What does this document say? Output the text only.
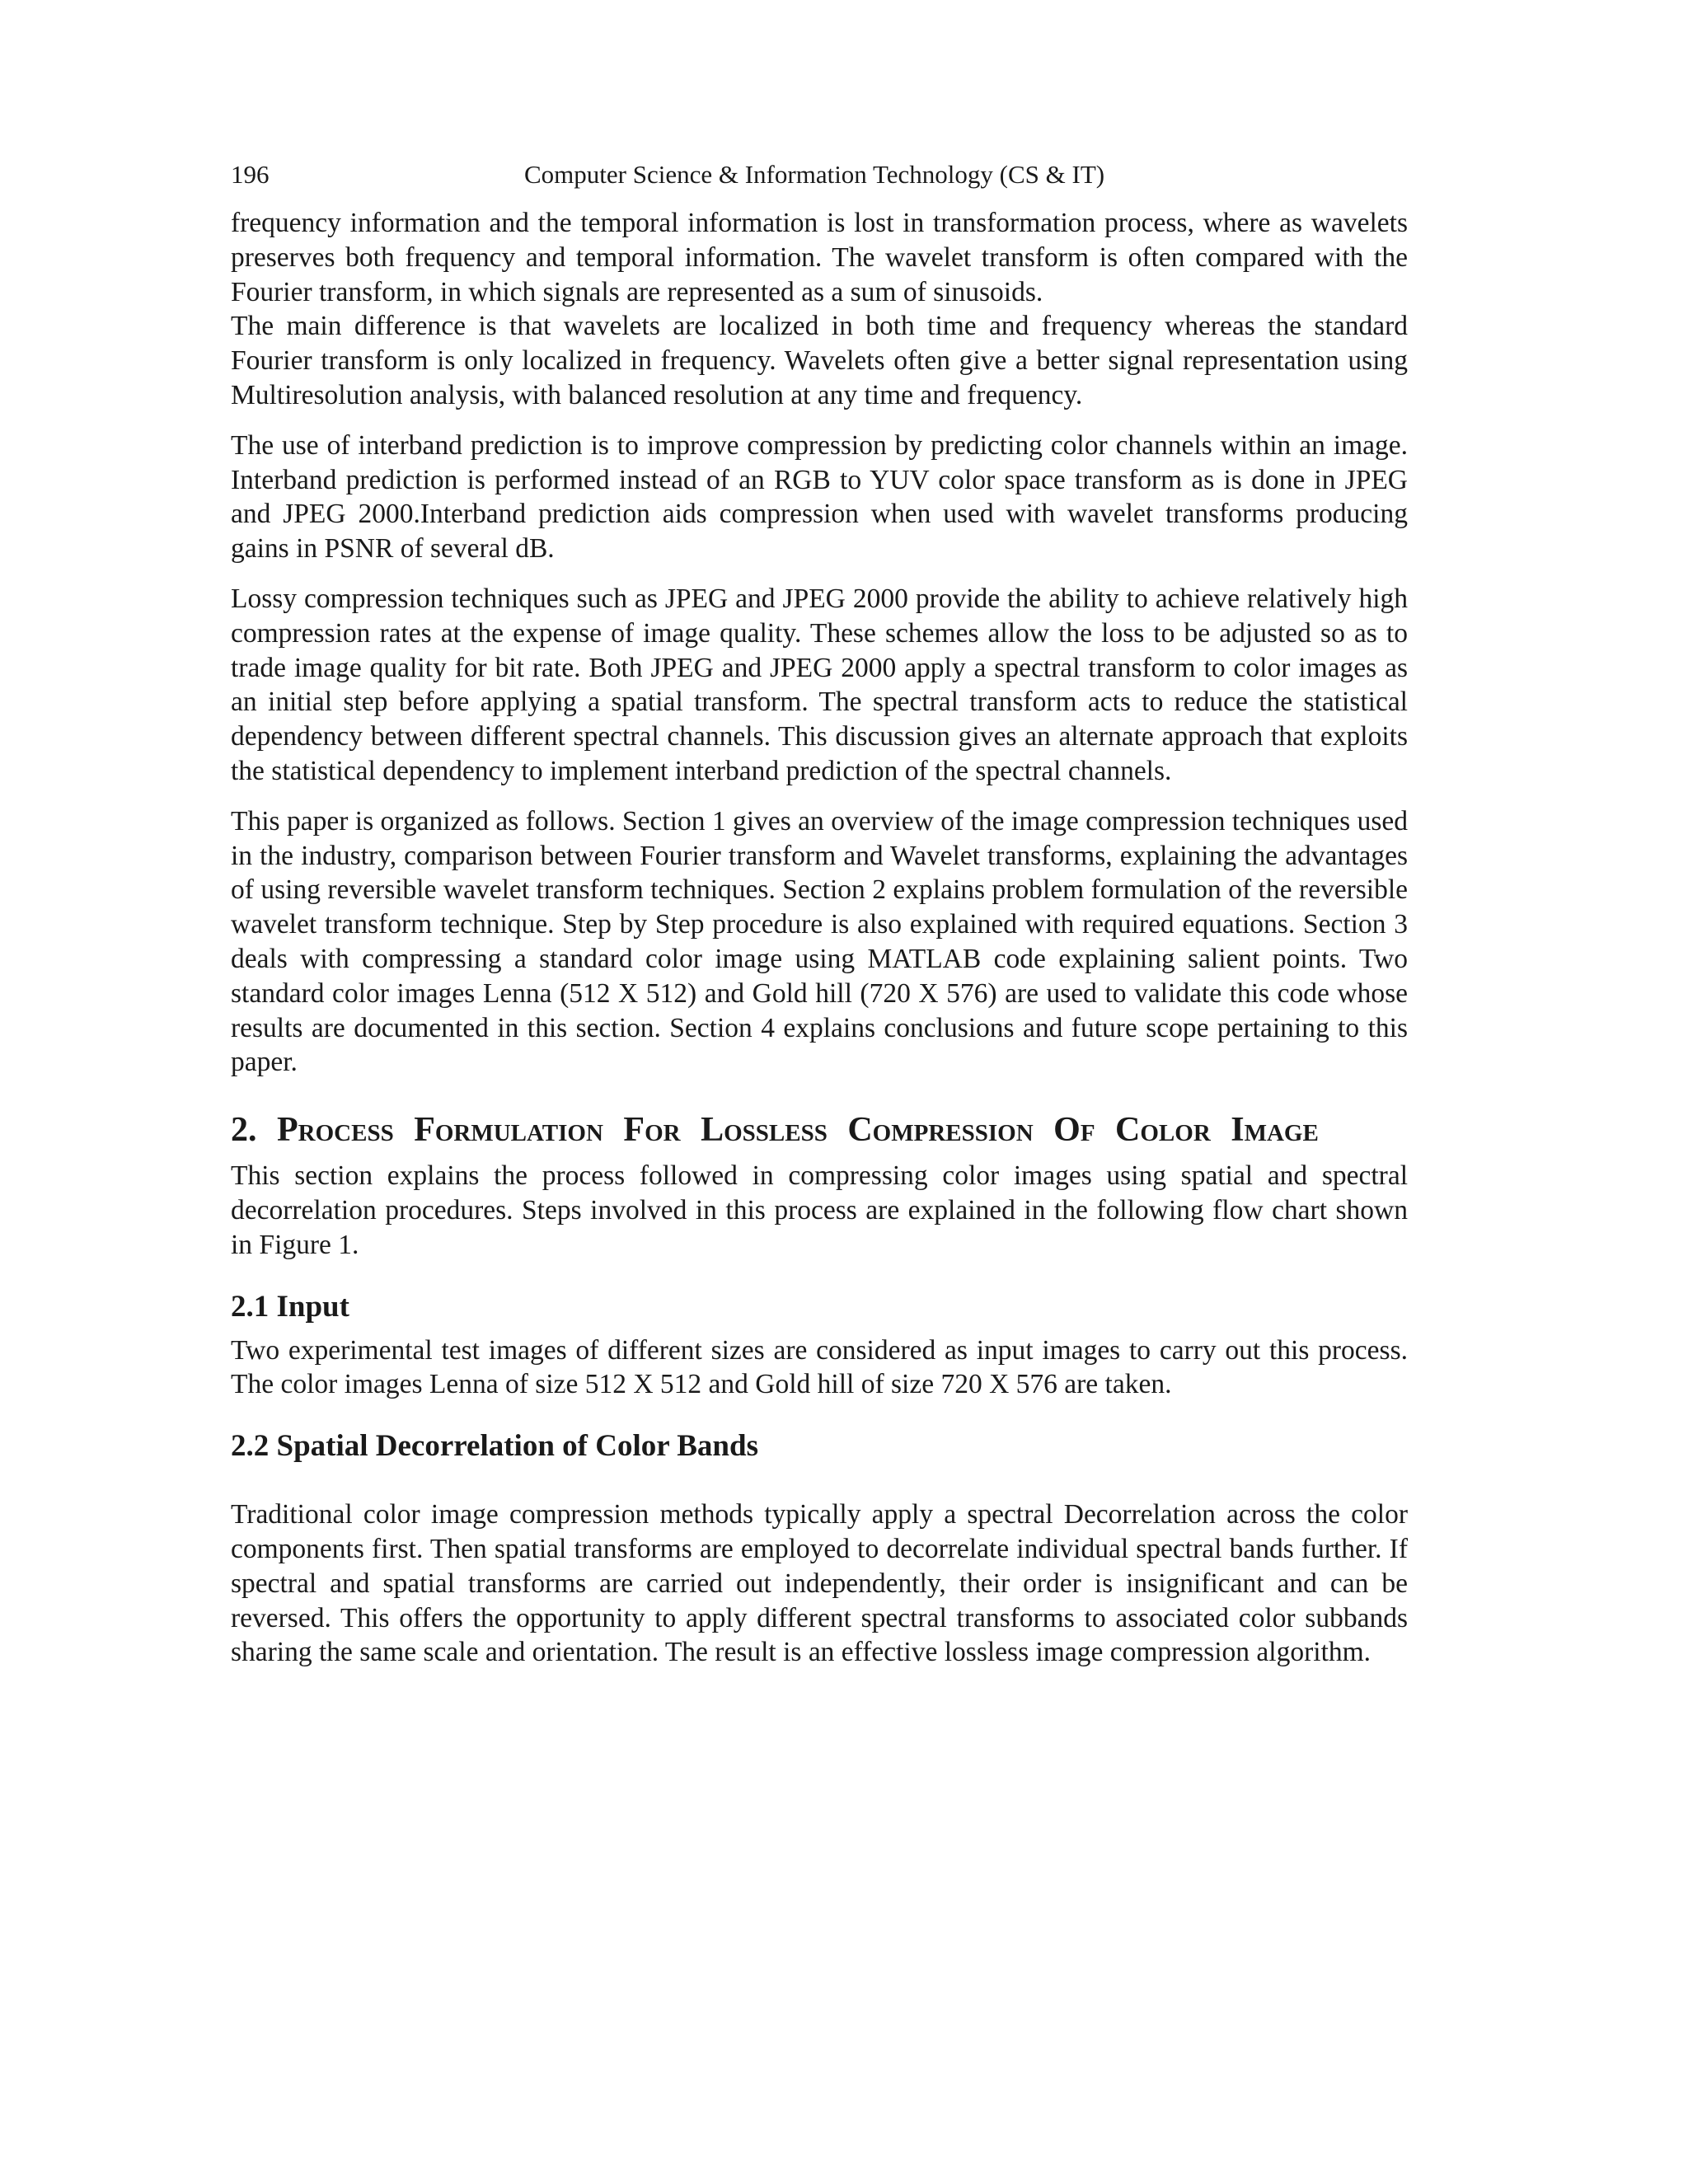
196	Computer Science & Information Technology (CS & IT)

frequency information and the temporal information is lost in transformation process, where as wavelets preserves both frequency and temporal information. The wavelet transform is often compared with the Fourier transform, in which signals are represented as a sum of sinusoids.

The main difference is that wavelets are localized in both time and frequency whereas the standard Fourier transform is only localized in frequency. Wavelets often give a better signal representation using Multiresolution analysis, with balanced resolution at any time and frequency.

The use of interband prediction is to improve compression by predicting color channels within an image. Interband prediction is performed instead of an RGB to YUV color space transform as is done in JPEG and JPEG 2000.Interband prediction aids compression when used with wavelet transforms producing gains in PSNR of several dB.

Lossy compression techniques such as JPEG and JPEG 2000 provide the ability to achieve relatively high compression rates at the expense of image quality. These schemes allow the loss to be adjusted so as to trade image quality for bit rate. Both JPEG and JPEG 2000 apply a spectral transform to color images as an initial step before applying a spatial transform. The spectral transform acts to reduce the statistical dependency between different spectral channels. This discussion gives an alternate approach that exploits the statistical dependency to implement interband prediction of the spectral channels.

This paper is organized as follows. Section 1 gives an overview of the image compression techniques used in the industry, comparison between Fourier transform and Wavelet transforms, explaining the advantages of using reversible wavelet transform techniques. Section 2 explains problem formulation of the reversible wavelet transform technique. Step by Step procedure is also explained with required equations. Section 3 deals with compressing a standard color image using MATLAB code explaining salient points. Two standard color images Lenna (512 X 512) and Gold hill (720 X 576) are used to validate this code whose results are documented in this section. Section 4 explains conclusions and future scope pertaining to this paper.

2. Process Formulation For Lossless Compression Of Color Image

This section explains the process followed in compressing color images using spatial and spectral decorrelation procedures. Steps involved in this process are explained in the following flow chart shown in Figure 1.

2.1 Input

Two experimental test images of different sizes are considered as input images to carry out this process. The color images Lenna of size 512 X 512 and Gold hill of size 720 X 576 are taken.

2.2 Spatial Decorrelation of Color Bands

Traditional color image compression methods typically apply a spectral Decorrelation across the color components first. Then spatial transforms are employed to decorrelate individual spectral bands further. If spectral and spatial transforms are carried out independently, their order is insignificant and can be reversed. This offers the opportunity to apply different spectral transforms to associated color subbands sharing the same scale and orientation. The result is an effective lossless image compression algorithm.
